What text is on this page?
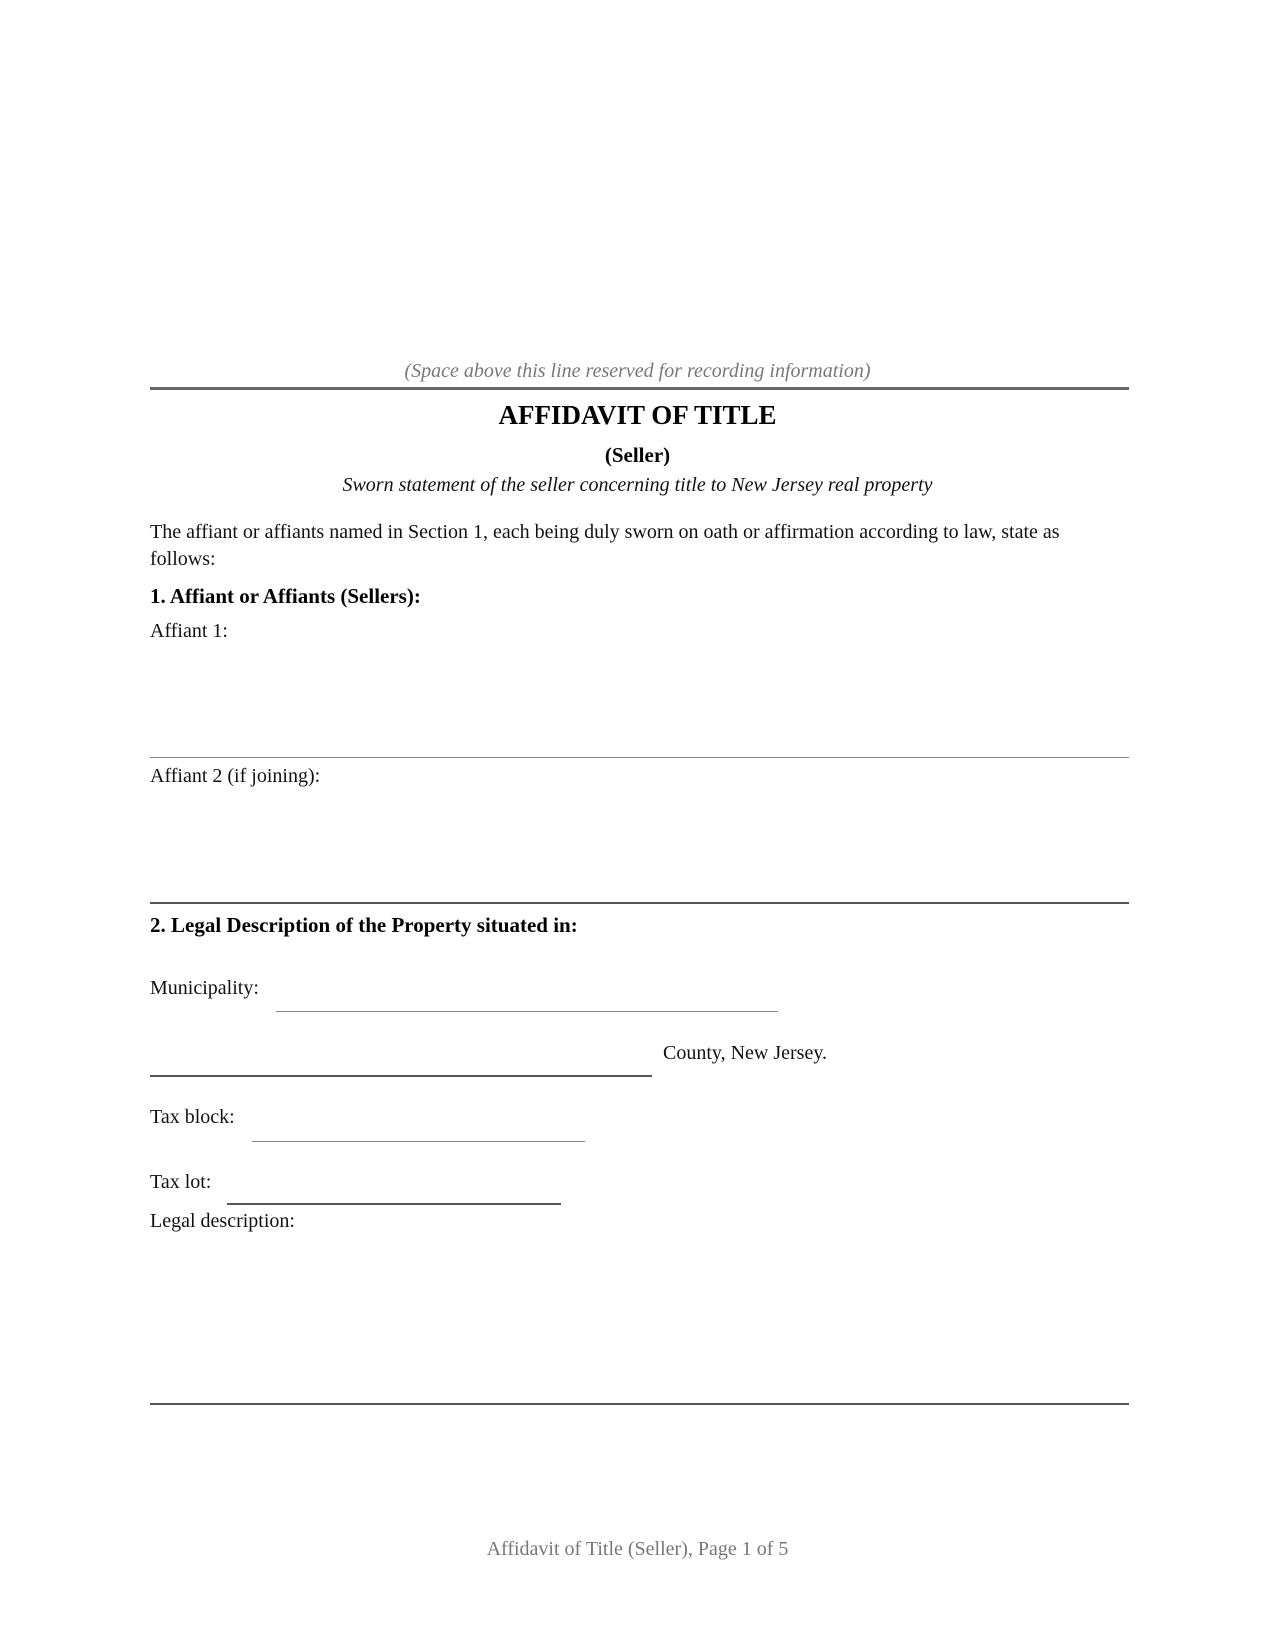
(Space above this line reserved for recording information)
AFFIDAVIT OF TITLE
(Seller)
Sworn statement of the seller concerning title to New Jersey real property
The affiant or affiants named in Section 1, each being duly sworn on oath or affirmation according to law, state as follows:
1. Affiant or Affiants (Sellers):
Affiant 1:
Affiant 2 (if joining):
2. Legal Description of the Property situated in:
Municipality:
County, New Jersey.
Tax block:
Tax lot:
Legal description:
Affidavit of Title (Seller), Page 1 of 5
